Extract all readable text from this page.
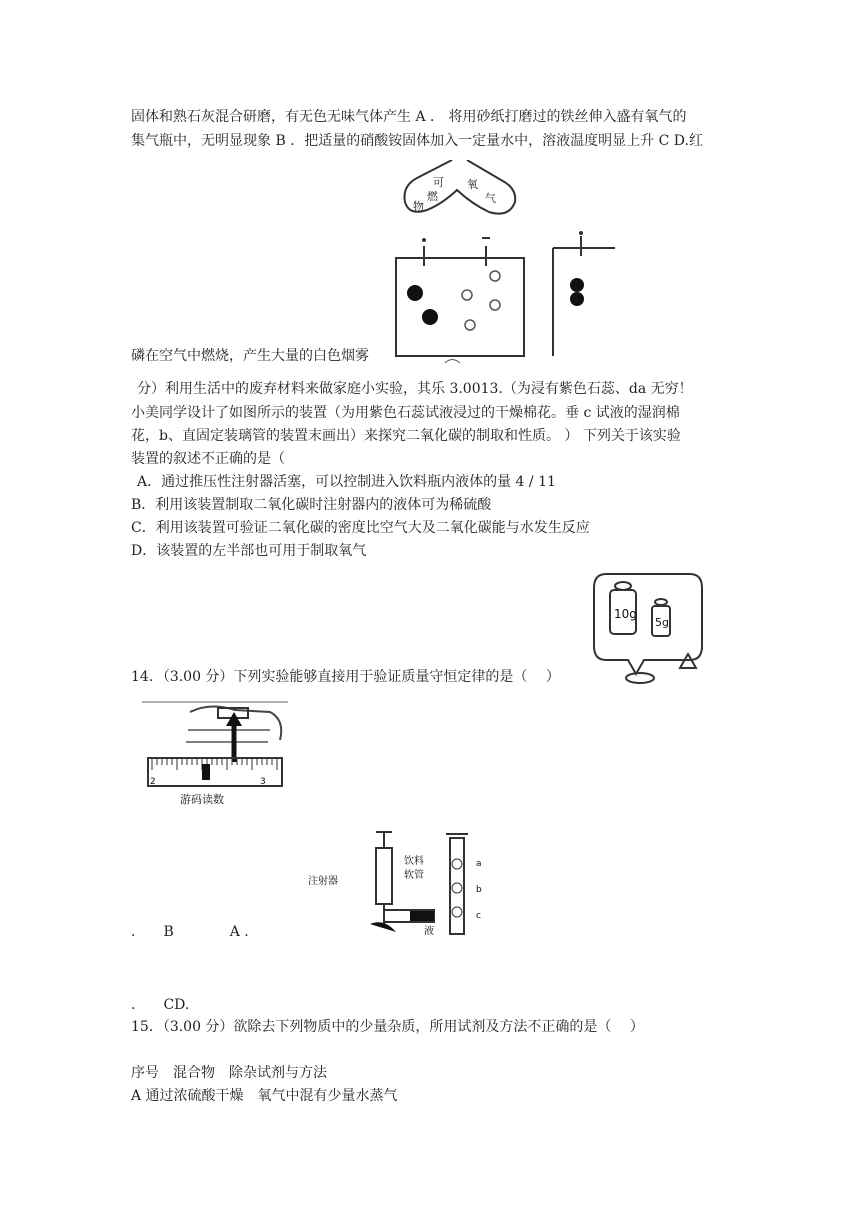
固体和熟石灰混合研磨，有无色无味气体产生 A ． 将用砂纸打磨过的铁丝伸入盛有氧气的
集气瓶中，无明显现象 B ．把适量的硝酸铵固体加入一定量水中，溶液温度明显上升 C D.红
可
燃
物
氧
气
磷在空气中燃烧，产生大量的白色烟雾
分）利用生活中的废弃材料来做家庭小实验，其乐 3.0013.（为浸有紫色石蕊、da 无穷！
小美同学设计了如图所示的装置（为用紫色石蕊试液浸过的干燥棉花。垂 c 试液的湿润棉
花，b、直固定装璃管的装置末画出）来探究二氧化碳的制取和性质。 ） 下列关于该实验
装置的叙述不正确的是（
A．通过推压性注射器活塞，可以控制进入饮料瓶内液体的量 4 / 11
B．利用该装置制取二氧化碳时注射器内的液体可为稀硫酸
C．利用该装置可验证二氧化碳的密度比空气大及二氧化碳能与水发生反应
D．该装置的左半部也可用于制取氧气
10g
5g
14．（3.00 分）下列实验能够直接用于验证质量守恒定律的是（　 ）
2	3
游码读数
注射器
饮料
软管
液
a
b
c
.　　B　　　　A .
.　　CD.
15．（3.00 分）欲除去下列物质中的少量杂质，所用试剂及方法不正确的是（　 ）
序号　混合物　除杂试剂与方法
A 通过浓硫酸干燥　氧气中混有少量水蒸气
